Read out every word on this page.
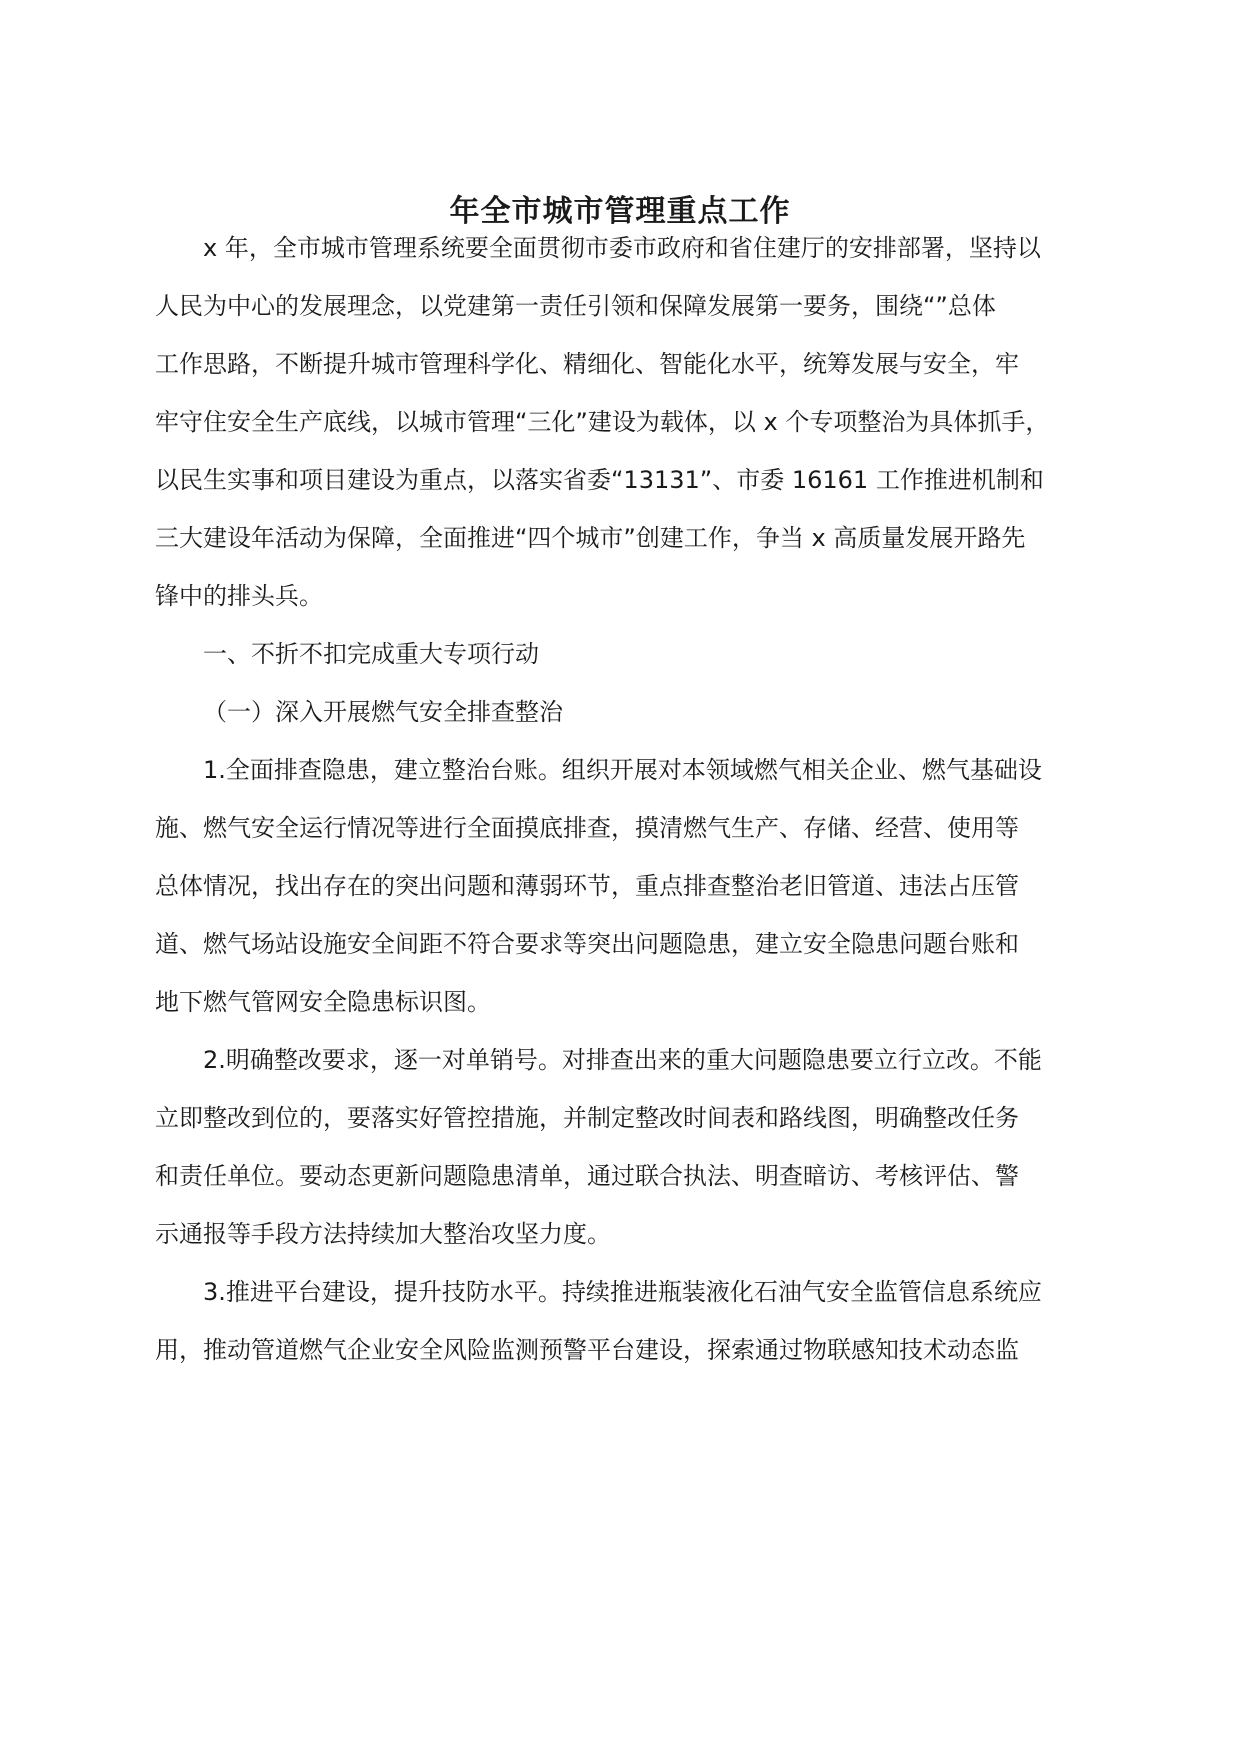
年全市城市管理重点工作
x 年，全市城市管理系统要全面贯彻市委市政府和省住建厅的安排部署，坚持以
人民为中心的发展理念，以党建第一责任引领和保障发展第一要务，围绕“”总体
工作思路，不断提升城市管理科学化、精细化、智能化水平，统筹发展与安全，牢
牢守住安全生产底线，以城市管理“三化”建设为载体，以 x 个专项整治为具体抓手，
以民生实事和项目建设为重点，以落实省委“13131”、市委 16161 工作推进机制和
三大建设年活动为保障，全面推进“四个城市”创建工作，争当 x 高质量发展开路先
锋中的排头兵。
一、不折不扣完成重大专项行动
（一）深入开展燃气安全排查整治
1.全面排查隐患，建立整治台账。组织开展对本领域燃气相关企业、燃气基础设
施、燃气安全运行情况等进行全面摸底排查，摸清燃气生产、存储、经营、使用等
总体情况，找出存在的突出问题和薄弱环节，重点排查整治老旧管道、违法占压管
道、燃气场站设施安全间距不符合要求等突出问题隐患，建立安全隐患问题台账和
地下燃气管网安全隐患标识图。
2.明确整改要求，逐一对单销号。对排查出来的重大问题隐患要立行立改。不能
立即整改到位的，要落实好管控措施，并制定整改时间表和路线图，明确整改任务
和责任单位。要动态更新问题隐患清单，通过联合执法、明查暗访、考核评估、警
示通报等手段方法持续加大整治攻坚力度。
3.推进平台建设，提升技防水平。持续推进瓶装液化石油气安全监管信息系统应
用，推动管道燃气企业安全风险监测预警平台建设，探索通过物联感知技术动态监
